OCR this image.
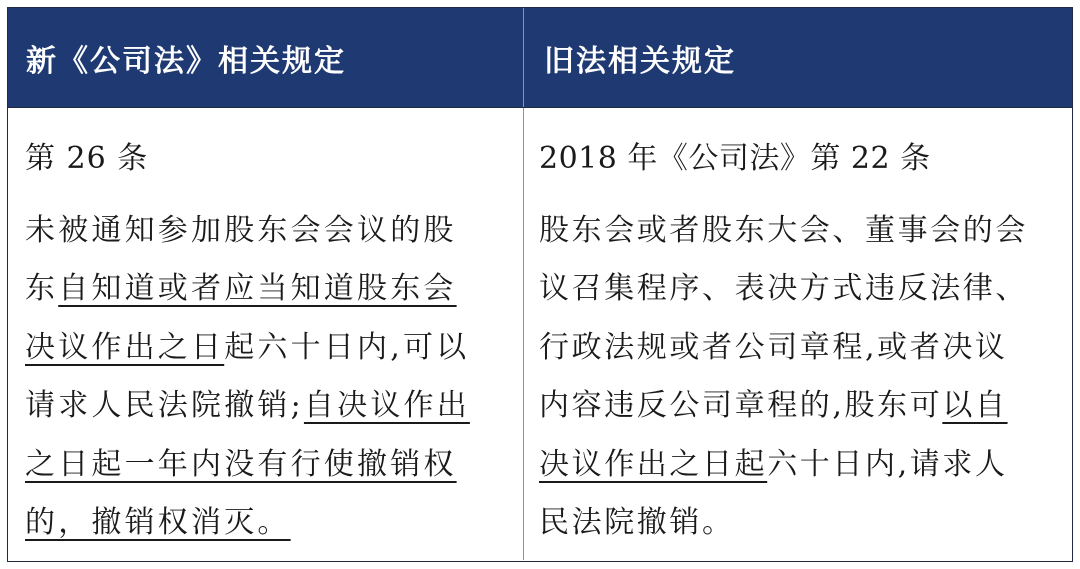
新《公司法》相关规定	旧法相关规定
第 26 条
未被通知参加股东会会议的股
东自知道或者应当知道股东会
决议作出之日起六十日内,可以
请求人民法院撤销;自决议作出
之日起一年内没有行使撤销权
的，撤销权消灭。
2018 年《公司法》第 22 条
股东会或者股东大会、董事会的会
议召集程序、表决方式违反法律、
行政法规或者公司章程,或者决议
内容违反公司章程的,股东可以自
决议作出之日起六十日内,请求人
民法院撤销。
